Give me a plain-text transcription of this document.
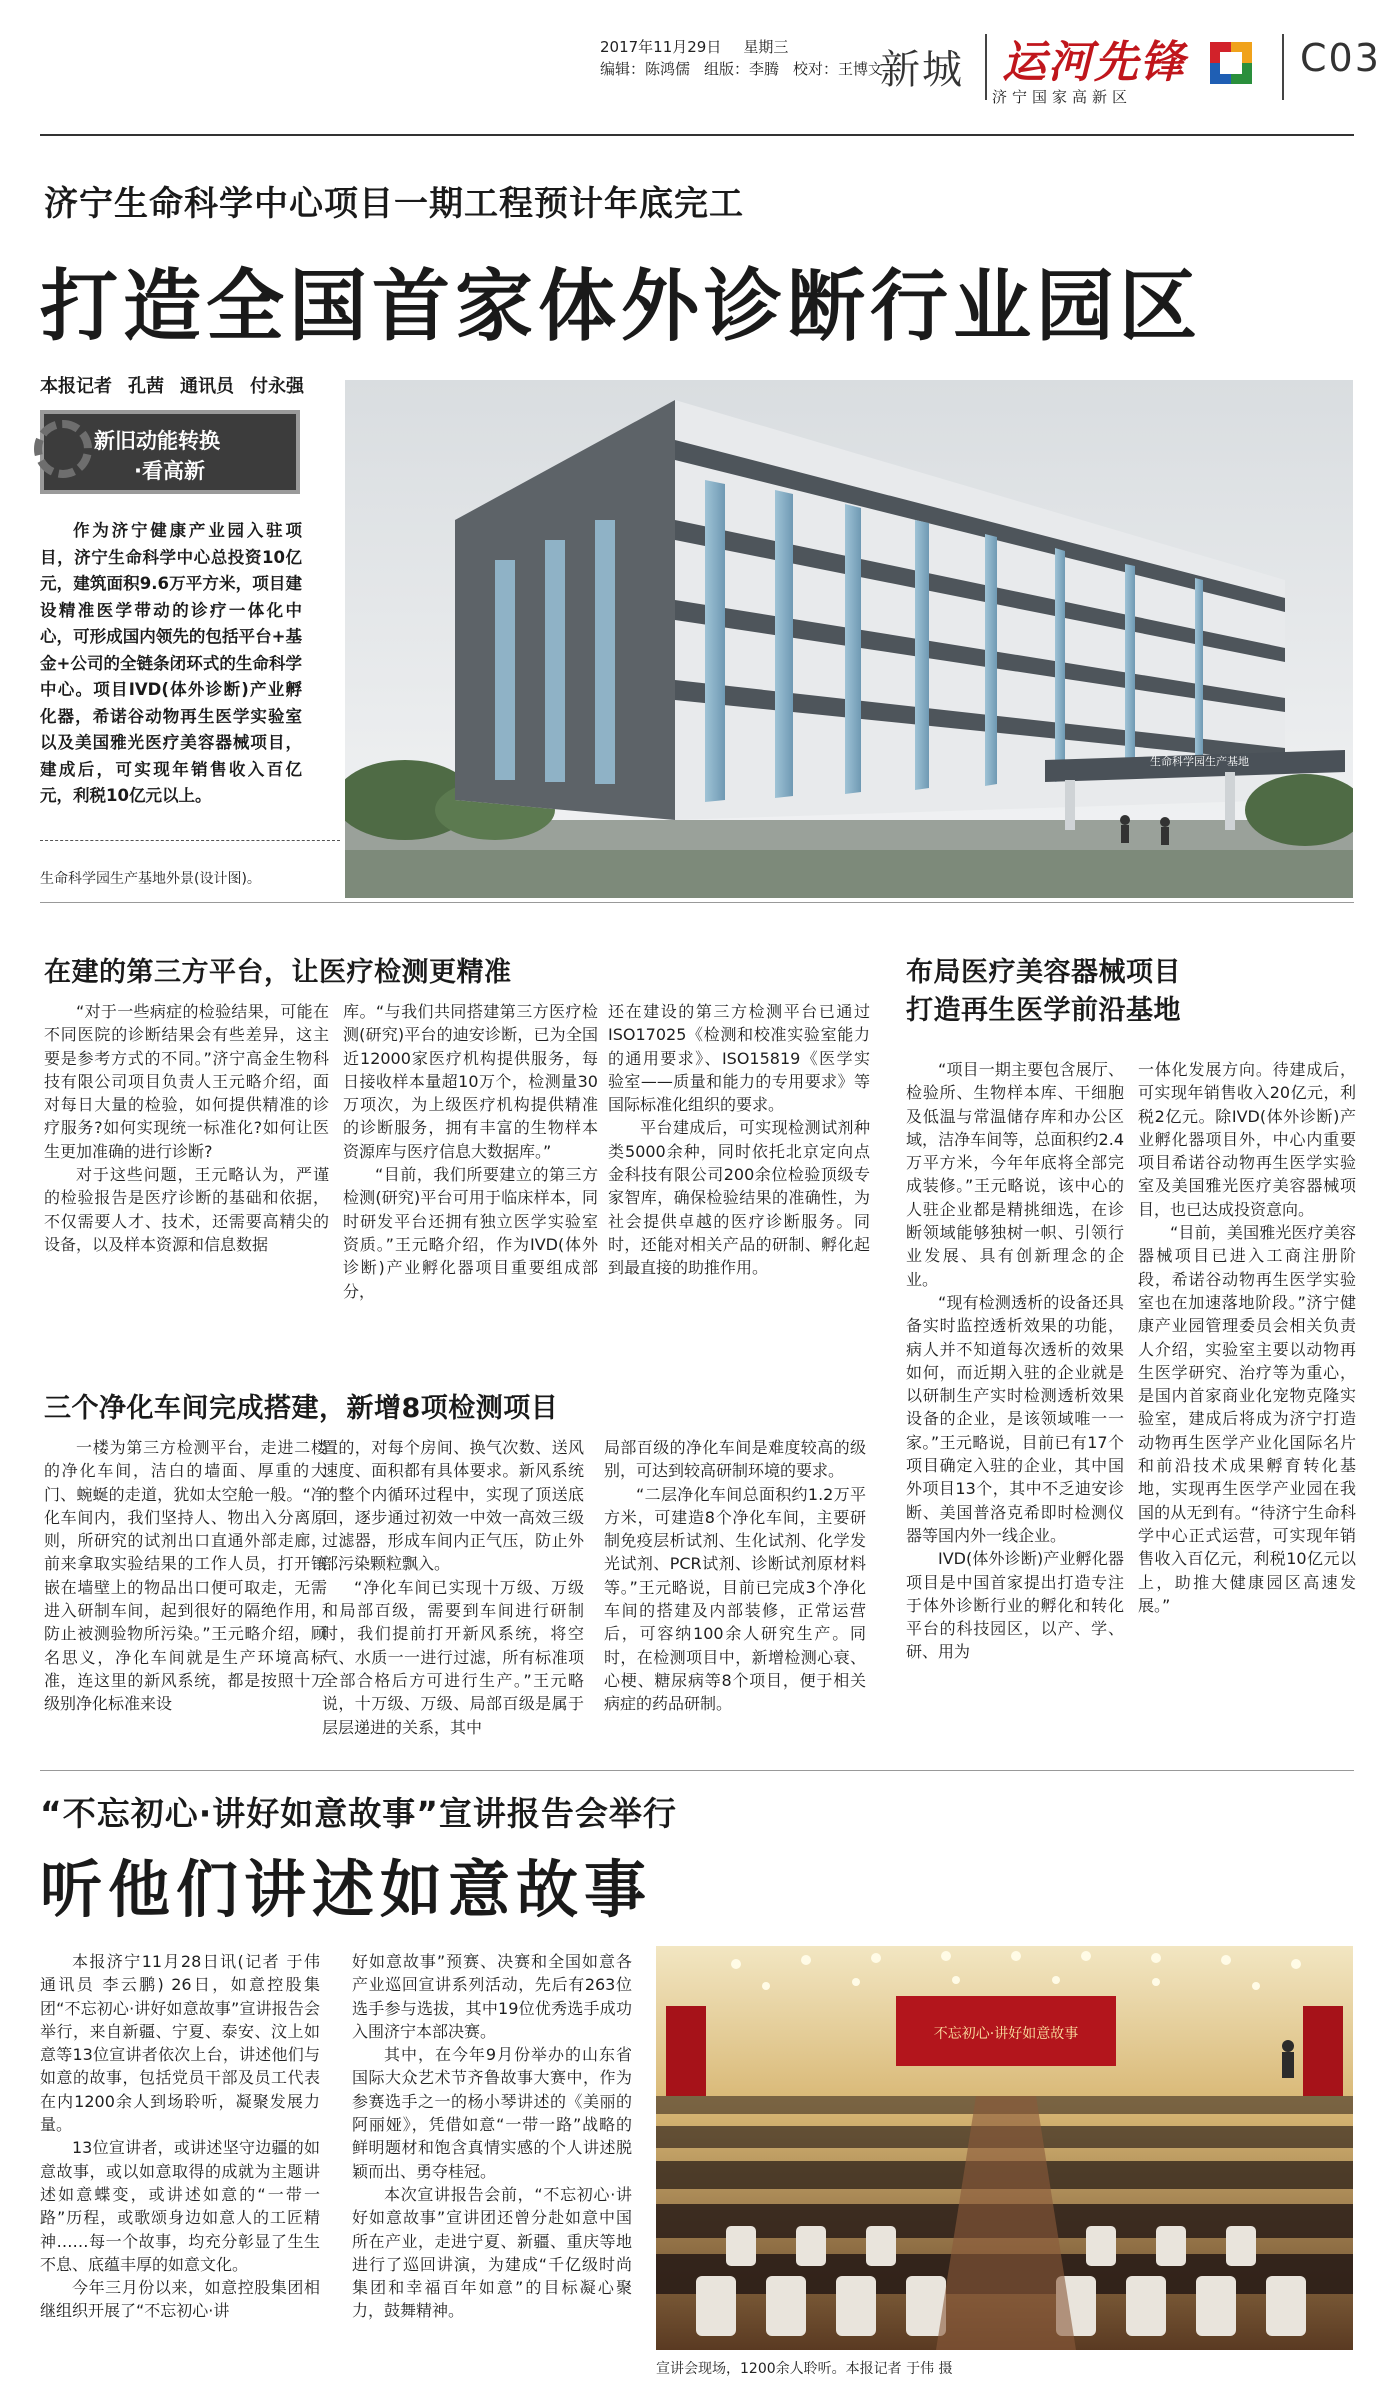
2017年11月29日 星期三
编辑：陈鸿儒 组版：李腾 校对：王博文
新城 运河先锋
济宁国家高新区
C03
济宁生命科学中心项目一期工程预计年底完工
打造全国首家体外诊断行业园区
本报记者 孔茜 通讯员 付永强
新旧动能转换
·看高新

作为济宁健康产业园入驻项目，济宁生命科学中心总投资10亿元，建筑面积9.6万平方米，项目建设精准医学带动的诊疗一体化中心，可形成国内领先的包括平台+基金+公司的全链条闭环式的生命科学中心。项目IVD(体外诊断)产业孵化器，希诺谷动物再生医学实验室以及美国雅光医疗美容器械项目，建成后，可实现年销售收入百亿元，利税10亿元以上。

生命科学园生产基地
生命科学园生产基地外景(设计图)。
在建的第三方平台，让医疗检测更精准

“对于一些病症的检验结果，可能在不同医院的诊断结果会有些差异，这主要是参考方式的不同。”济宁高金生物科技有限公司项目负责人王元略介绍，面对每日大量的检验，如何提供精准的诊疗服务?如何实现统一标准化?如何让医生更加准确的进行诊断?

对于这些问题，王元略认为，严谨的检验报告是医疗诊断的基础和依据，不仅需要人才、技术，还需要高精尖的设备，以及样本资源和信息数据

库。“与我们共同搭建第三方医疗检测(研究)平台的迪安诊断，已为全国近12000家医疗机构提供服务，每日接收样本量超10万个，检测量30万项次，为上级医疗机构提供精准的诊断服务，拥有丰富的生物样本资源库与医疗信息大数据库。”

“目前，我们所要建立的第三方检测(研究)平台可用于临床样本，同时研发平台还拥有独立医学实验室资质。”王元略介绍，作为IVD(体外诊断)产业孵化器项目重要组成部分，

还在建设的第三方检测平台已通过ISO17025《检测和校准实验室能力的通用要求》、ISO15819《医学实验室——质量和能力的专用要求》等国际标准化组织的要求。

平台建成后，可实现检测试剂种类5000余种，同时依托北京定向点金科技有限公司200余位检验顶级专家智库，确保检验结果的准确性，为社会提供卓越的医疗诊断服务。同时，还能对相关产品的研制、孵化起到最直接的助推作用。

三个净化车间完成搭建，新增8项检测项目

一楼为第三方检测平台，走进二楼的净化车间，洁白的墙面、厚重的大门、蜿蜒的走道，犹如太空舱一般。“净化车间内，我们坚持人、物出入分离原则，所研究的试剂出口直通外部走廊，前来拿取实验结果的工作人员，打开镶嵌在墙壁上的物品出口便可取走，无需进入研制车间，起到很好的隔绝作用，防止被测验物所污染。”王元略介绍，顾名思义，净化车间就是生产环境高标准，连这里的新风系统，都是按照十万级别净化标准来设

置的，对每个房间、换气次数、送风速度、面积都有具体要求。新风系统的整个内循环过程中，实现了顶送底回，逐步通过初效一中效一高效三级过滤器，形成车间内正气压，防止外部污染颗粒飘入。

“净化车间已实现十万级、万级和局部百级，需要到车间进行研制时，我们提前打开新风系统，将空气、水质一一进行过滤，所有标准项全部合格后方可进行生产。”王元略说，十万级、万级、局部百级是属于层层递进的关系，其中

局部百级的净化车间是难度较高的级别，可达到较高研制环境的要求。

“二层净化车间总面积约1.2万平方米，可建造8个净化车间，主要研制免疫层析试剂、生化试剂、化学发光试剂、PCR试剂、诊断试剂原材料等。”王元略说，目前已完成3个净化车间的搭建及内部装修，正常运营后，可容纳100余人研究生产。同时，在检测项目中，新增检测心衰、心梗、糖尿病等8个项目，便于相关病症的药品研制。

布局医疗美容器械项目
打造再生医学前沿基地

“项目一期主要包含展厅、检验所、生物样本库、干细胞及低温与常温储存库和办公区域，洁净车间等，总面积约2.4万平方米，今年年底将全部完成装修。”王元略说，该中心的人驻企业都是精挑细选，在诊断领域能够独树一帜、引领行业发展、具有创新理念的企业。

“现有检测透析的设备还具备实时监控透析效果的功能，病人并不知道每次透析的效果如何，而近期入驻的企业就是以研制生产实时检测透析效果设备的企业，是该领域唯一一家。”王元略说，目前已有17个项目确定入驻的企业，其中国外项目13个，其中不乏迪安诊断、美国普洛克希即时检测仪器等国内外一线企业。

IVD(体外诊断)产业孵化器项目是中国首家提出打造专注于体外诊断行业的孵化和转化平台的科技园区，以产、学、研、用为

一体化发展方向。待建成后，可实现年销售收入20亿元，利税2亿元。除IVD(体外诊断)产业孵化器项目外，中心内重要项目希诺谷动物再生医学实验室及美国雅光医疗美容器械项目，也已达成投资意向。

“目前，美国雅光医疗美容器械项目已进入工商注册阶段，希诺谷动物再生医学实验室也在加速落地阶段。”济宁健康产业园管理委员会相关负责人介绍，实验室主要以动物再生医学研究、治疗等为重心，是国内首家商业化宠物克隆实验室，建成后将成为济宁打造动物再生医学产业化国际名片和前沿技术成果孵育转化基地，实现再生医学产业园在我国的从无到有。“待济宁生命科学中心正式运营，可实现年销售收入百亿元，利税10亿元以上，助推大健康园区高速发展。”

“不忘初心·讲好如意故事”宣讲报告会举行
听他们讲述如意故事

本报济宁11月28日讯(记者 于伟 通讯员 李云鹏) 26日，如意控股集团“不忘初心·讲好如意故事”宣讲报告会举行，来自新疆、宁夏、泰安、汶上如意等13位宣讲者依次上台，讲述他们与如意的故事，包括党员干部及员工代表在内1200余人到场聆听，凝聚发展力量。

13位宣讲者，或讲述坚守边疆的如意故事，或以如意取得的成就为主题讲述如意蝶变，或讲述如意的“一带一路”历程，或歌颂身边如意人的工匠精神……每一个故事，均充分彰显了生生不息、底蕴丰厚的如意文化。

今年三月份以来，如意控股集团相继组织开展了“不忘初心·讲

好如意故事”预赛、决赛和全国如意各产业巡回宣讲系列活动，先后有263位选手参与选拔，其中19位优秀选手成功入围济宁本部决赛。

其中，在今年9月份举办的山东省国际大众艺术节齐鲁故事大赛中，作为参赛选手之一的杨小琴讲述的《美丽的阿丽娅》，凭借如意“一带一路”战略的鲜明题材和饱含真情实感的个人讲述脱颖而出、勇夺桂冠。

本次宣讲报告会前，“不忘初心·讲好如意故事”宣讲团还曾分赴如意中国所在产业，走进宁夏、新疆、重庆等地进行了巡回讲演，为建成“千亿级时尚集团和幸福百年如意”的目标凝心聚力，鼓舞精神。

不忘初心·讲好如意故事
宣讲会现场，1200余人聆听。本报记者 于伟 摄
